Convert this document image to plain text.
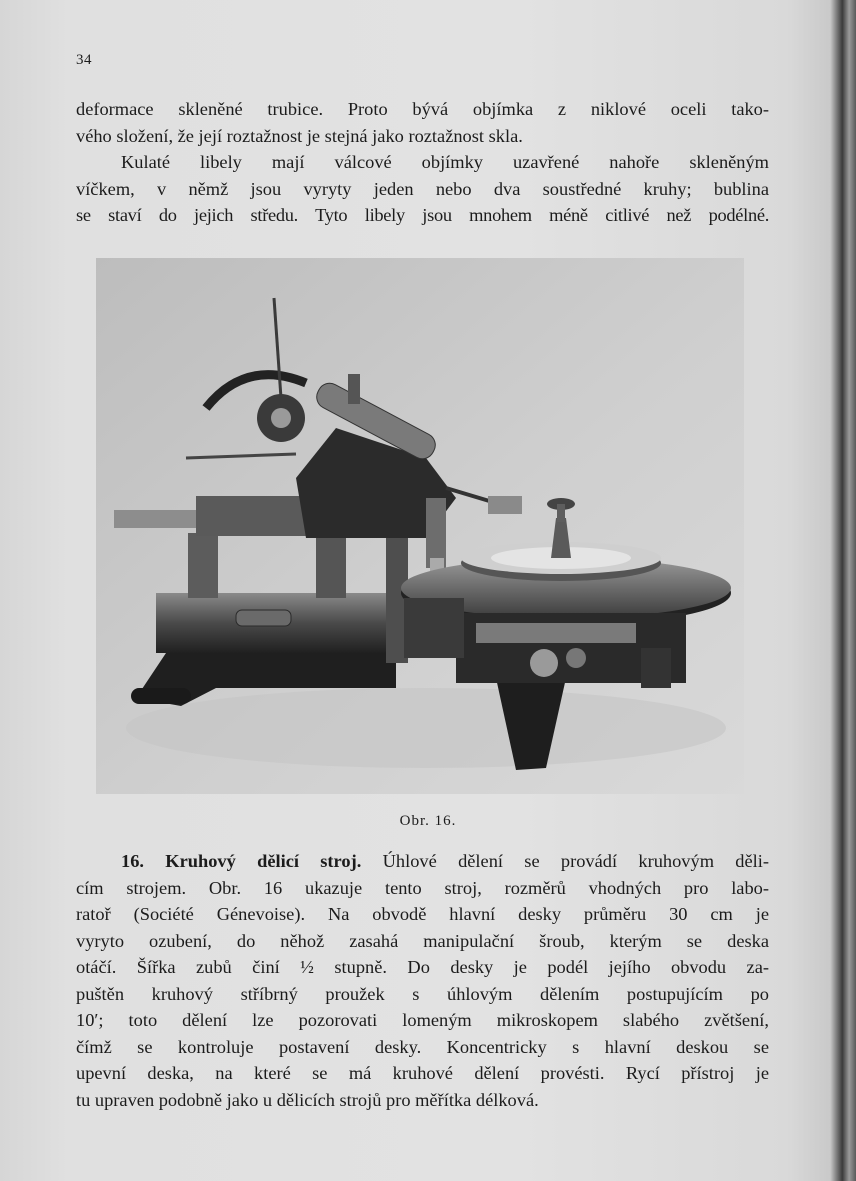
34
deformace skleněné trubice. Proto bývá objímka z niklové oceli tako-
vého složení, že její roztažnost je stejná jako roztažnost skla.
Kulaté libely mají válcové objímky uzavřené nahoře skleněným
víčkem, v němž jsou vyryty jeden nebo dva soustředné kruhy; bublina
se staví do jejich středu. Tyto libely jsou mnohem méně citlivé než podélné.

Obr. 16.
16. Kruhový dělicí stroj. Úhlové dělení se provádí kruhovým děli-
cím strojem. Obr. 16 ukazuje tento stroj, rozměrů vhodných pro labo-
ratoř (Société Génevoise). Na obvodě hlavní desky průměru 30 cm je
vyryto ozubení, do něhož zasahá manipulační šroub, kterým se deska
otáčí. Šířka zubů činí ½ stupně. Do desky je podél jejího obvodu za-
puštěn kruhový stříbrný proužek s úhlovým dělením postupujícím po
10′; toto dělení lze pozorovati lomeným mikroskopem slabého zvětšení,
čímž se kontroluje postavení desky. Koncentricky s hlavní deskou se
upevní deska, na které se má kruhové dělení provésti. Rycí přístroj je
tu upraven podobně jako u dělicích strojů pro měřítka délková.
